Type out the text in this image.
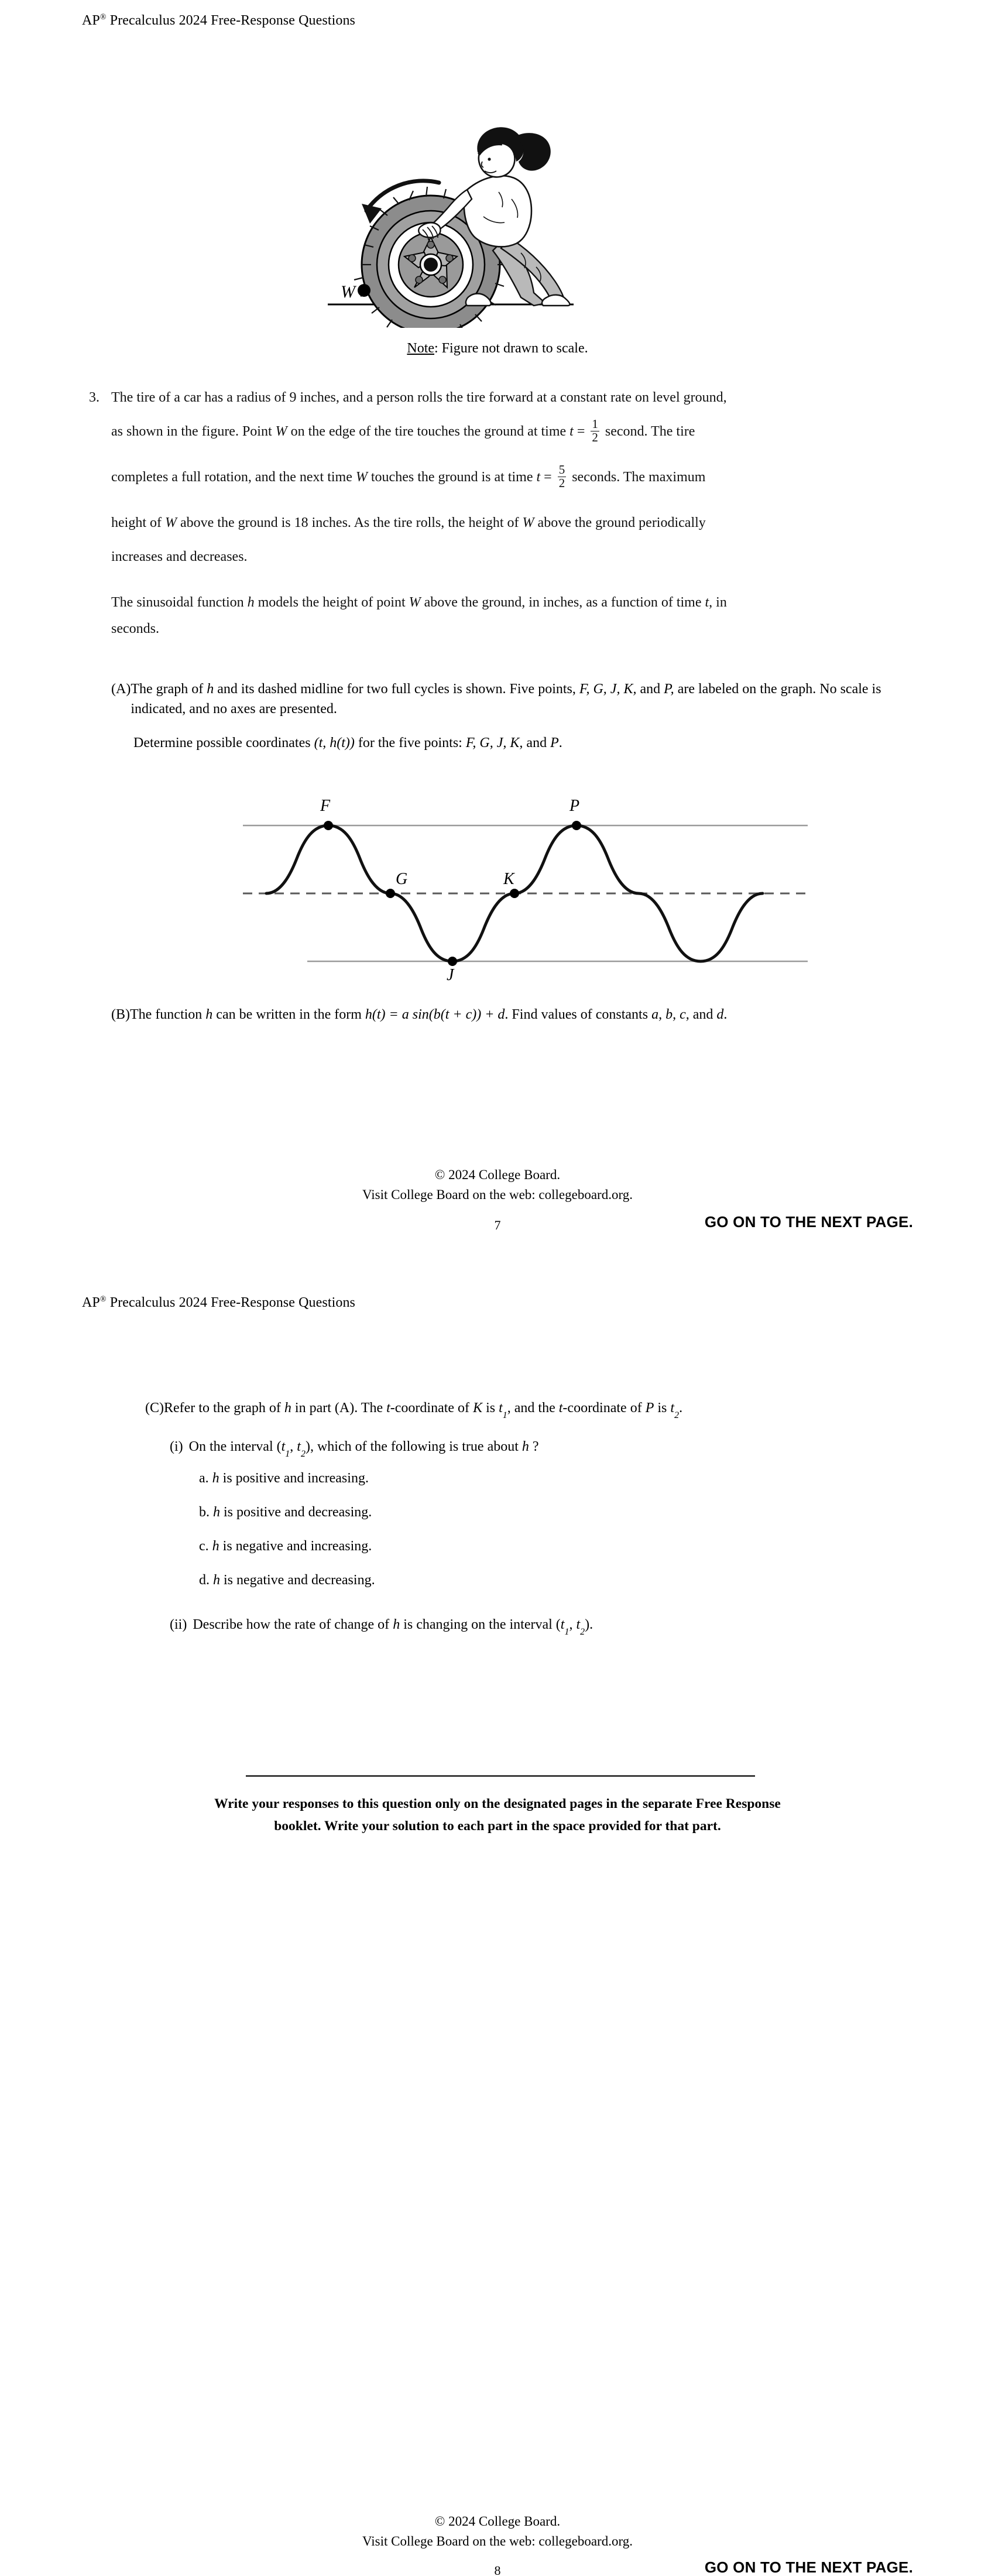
AP® Precalculus 2024 Free-Response Questions
W
Note: Figure not drawn to scale.
3. The tire of a car has a radius of 9 inches, and a person rolls the tire forward at a constant rate on level ground,
as shown in the figure. Point W on the edge of the tire touches the ground at time $t = \frac{1}{2}$ second. The tire
completes a full rotation, and the next time W touches the ground is at time $t = \frac{5}{2}$ seconds. The maximum
height of W above the ground is 18 inches. As the tire rolls, the height of W above the ground periodically
increases and decreases.
The sinusoidal function h models the height of point W above the ground, in inches, as a function of time t, in
seconds.
(A) The graph of h and its dashed midline for two full cycles is shown. Five points, F, G, J, K, and P, are labeled on the graph. No scale is indicated, and no axes are presented.
Determine possible coordinates (t, h(t)) for the five points: F, G, J, K, and P.
F
G
J
K
P
(B) The function h can be written in the form h(t) = a sin(b(t + c)) + d. Find values of constants a, b, c, and d.
© 2024 College Board.
Visit College Board on the web: collegeboard.org.
7	GO ON TO THE NEXT PAGE.
AP® Precalculus 2024 Free-Response Questions
(C) Refer to the graph of h in part (A). The t-coordinate of K is $t_1$, and the t-coordinate of P is $t_2$.
(i) On the interval ($t_1$, $t_2$), which of the following is true about h ?
a. h is positive and increasing.
b. h is positive and decreasing.
c. h is negative and increasing.
d. h is negative and decreasing.
(ii) Describe how the rate of change of h is changing on the interval ($t_1$, $t_2$).
Write your responses to this question only on the designated pages in the separate Free Response
booklet. Write your solution to each part in the space provided for that part.
© 2024 College Board.
Visit College Board on the web: collegeboard.org.
8	GO ON TO THE NEXT PAGE.
